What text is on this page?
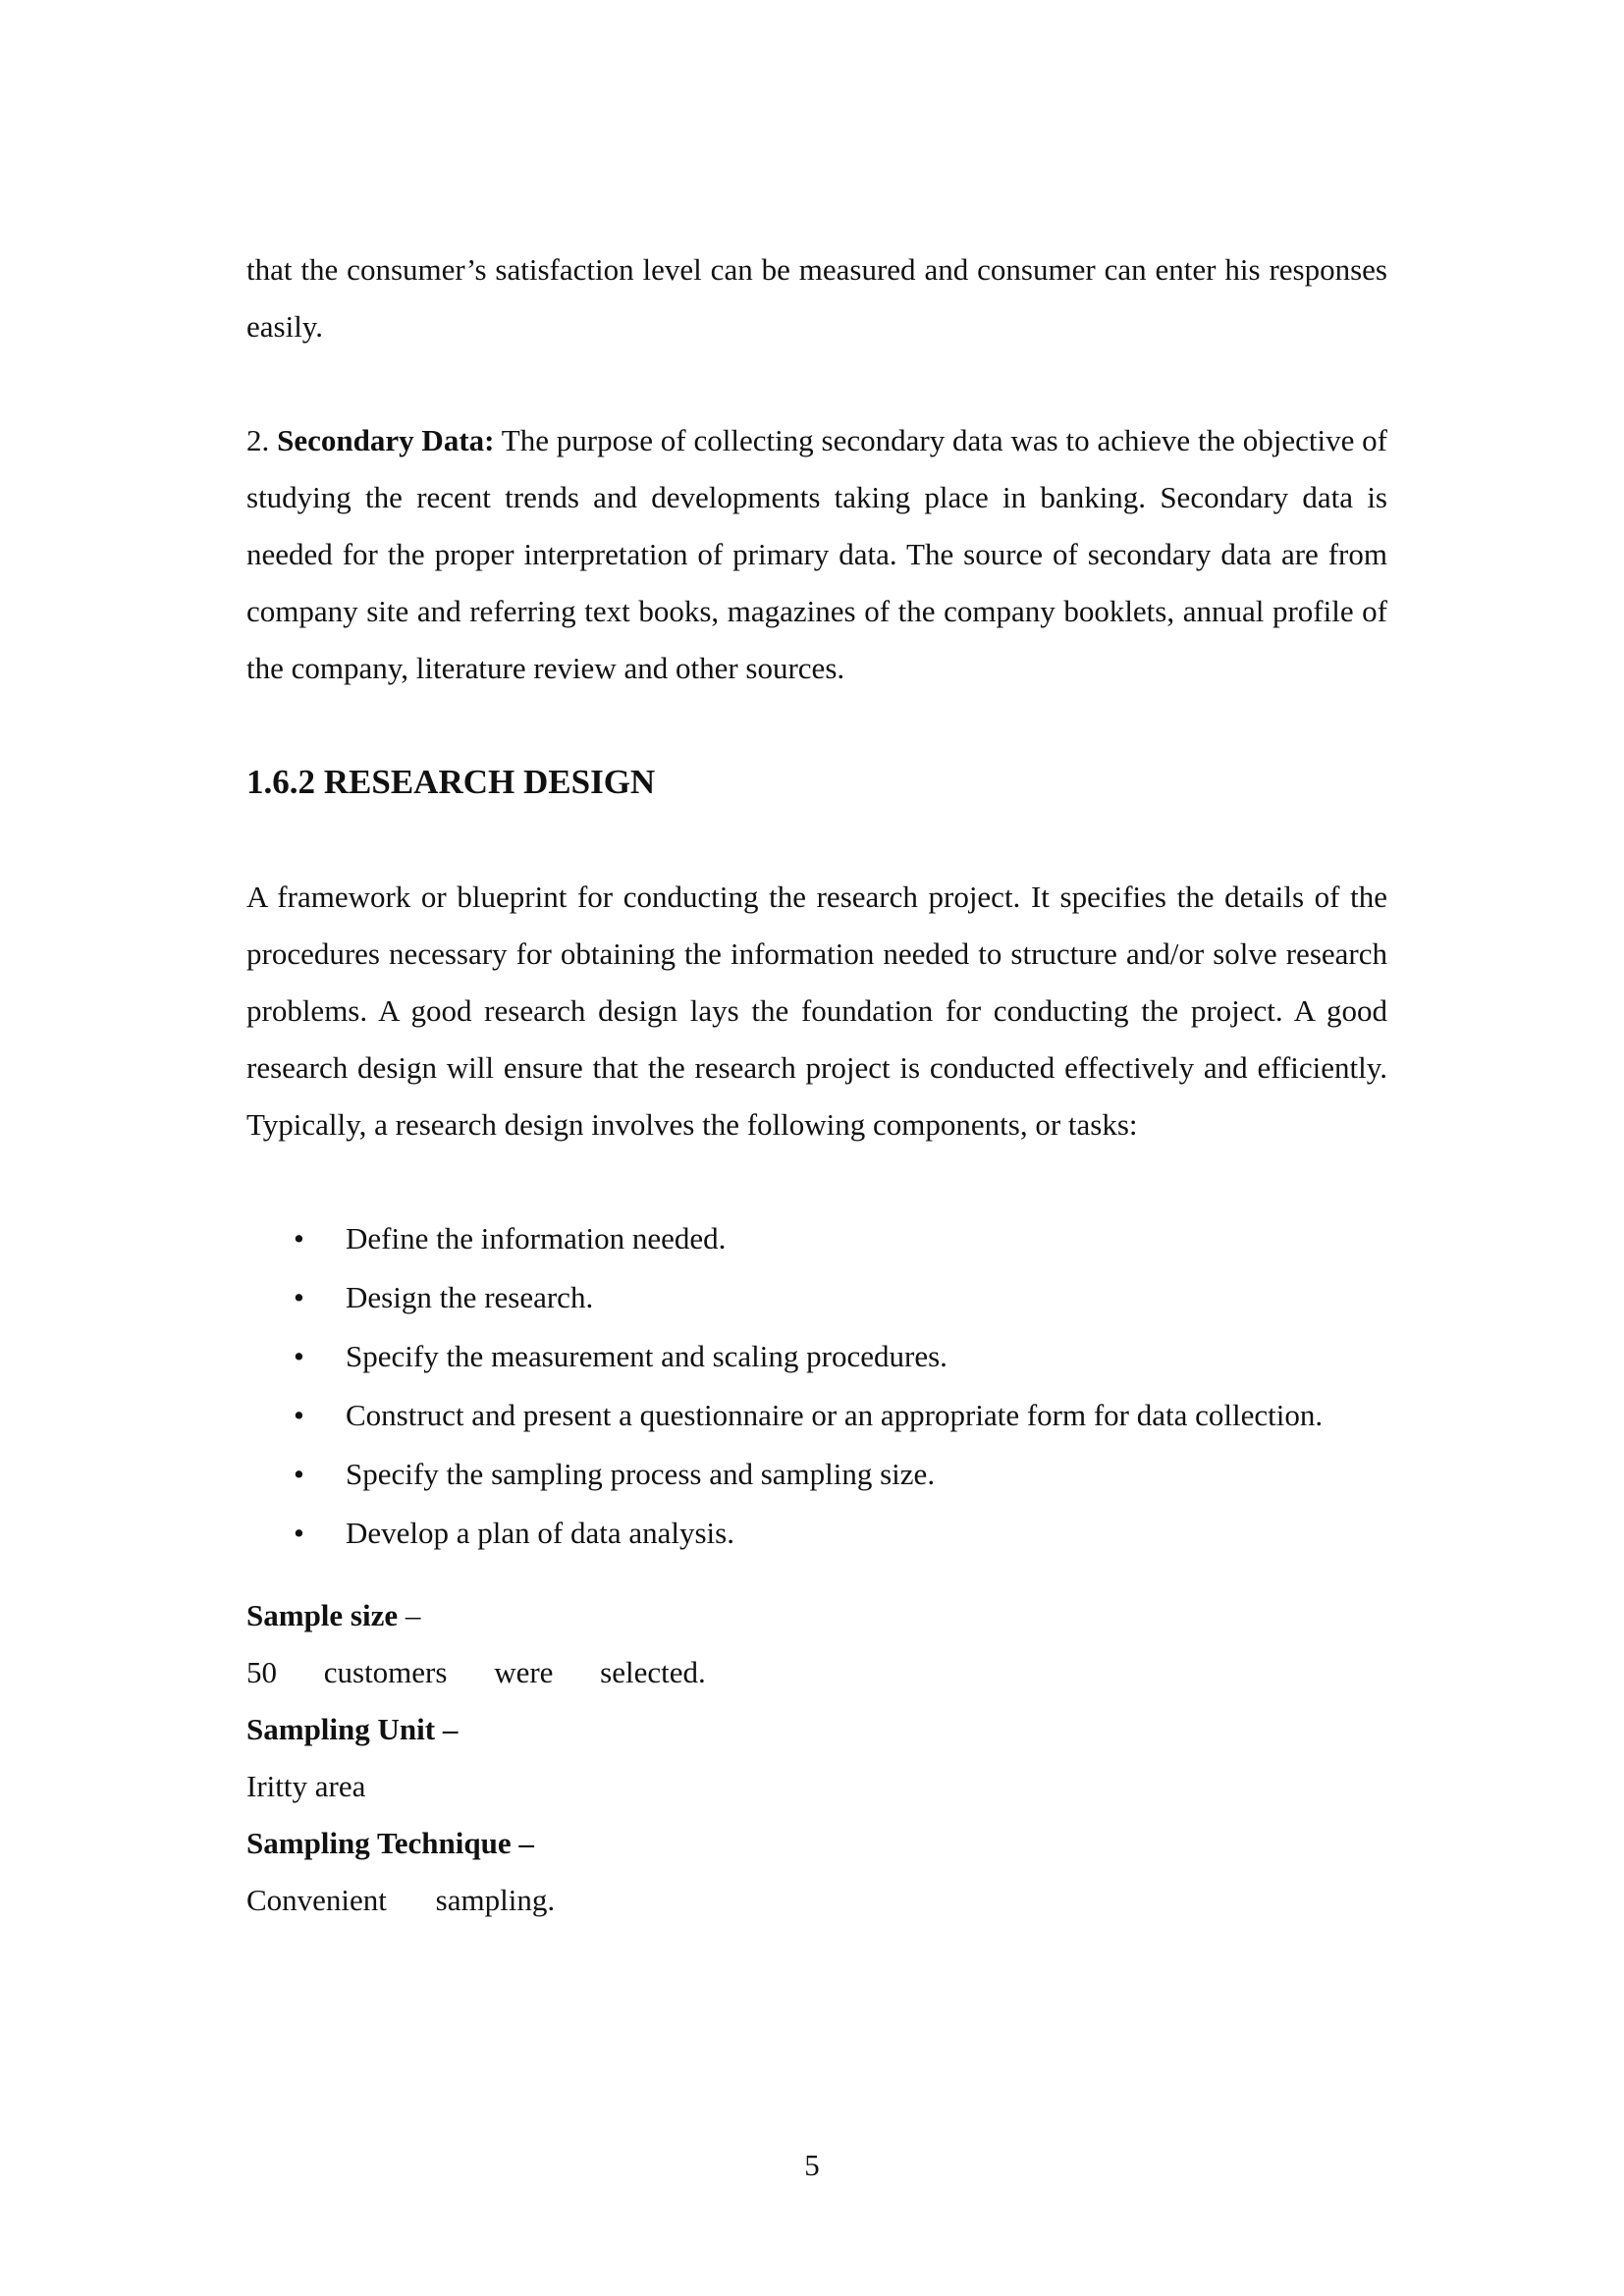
that the consumer’s satisfaction level can be measured and consumer can enter his responses easily.

2. Secondary Data: The purpose of collecting secondary data was to achieve the objective of studying the recent trends and developments taking place in banking. Secondary data is needed for the proper interpretation of primary data. The source of secondary data are from company site and referring text books, magazines of the company booklets, annual profile of the company, literature review and other sources.

1.6.2 RESEARCH DESIGN

A framework or blueprint for conducting the research project. It specifies the details of the procedures necessary for obtaining the information needed to structure and/or solve research problems. A good research design lays the foundation for conducting the project. A good research design will ensure that the research project is conducted effectively and efficiently. Typically, a research design involves the following components, or tasks:

• Define the information needed.
• Design the research.
• Specify the measurement and scaling procedures.
• Construct and present a questionnaire or an appropriate form for data collection.
• Specify the sampling process and sampling size.
• Develop a plan of data analysis.
Sample size –
50 customers were selected.
Sampling Unit –
Iritty area
Sampling Technique –
Convenient sampling.
5
